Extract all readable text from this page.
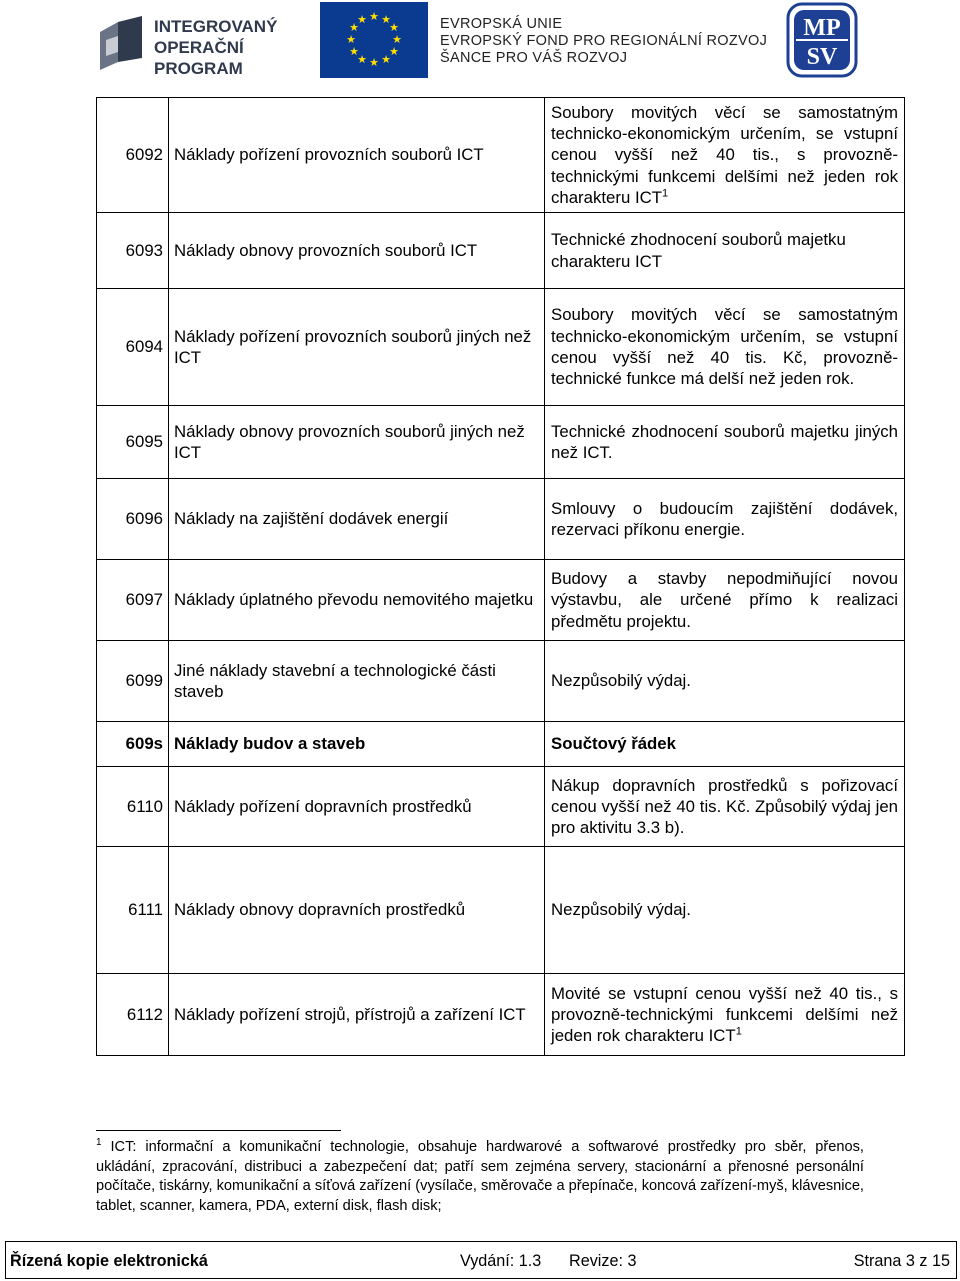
INTEGROVANÝ
OPERAČNÍ
PROGRAM
★ ★
★
★
★
★
★
★
★
★
★
★	EVROPSKÁ UNIE
EVROPSKÝ FOND PRO REGIONÁLNÍ ROZVOJ
ŠANCE PRO VÁŠ ROZVOJ
MP
SV
6092	Náklady pořízení provozních souborů ICT	Soubory movitých věcí se samostatným technicko-ekonomickým určením, se vstupní cenou vyšší než 40 tis., s provozně-technickými funkcemi delšími než jeden rok charakteru ICT$^1$
6093	Náklady obnovy provozních souborů ICT	Technické zhodnocení souborů majetku charakteru ICT
6094	Náklady pořízení provozních souborů jiných než ICT	Soubory movitých věcí se samostatným technicko-ekonomickým určením, se vstupní cenou vyšší než 40 tis. Kč, provozně-technické funkce má delší než jeden rok.
6095	Náklady obnovy provozních souborů jiných než ICT	Technické zhodnocení souborů majetku jiných než ICT.
6096	Náklady na zajištění dodávek energií	Smlouvy o budoucím zajištění dodávek, rezervaci příkonu energie.
6097	Náklady úplatného převodu nemovitého majetku	Budovy a stavby nepodmiňující novou výstavbu, ale určené přímo k realizaci předmětu projektu.
6099	Jiné náklady stavební a technologické části staveb	Nezpůsobilý výdaj.
609s	Náklady budov a staveb	Součtový řádek
6110	Náklady pořízení dopravních prostředků	Nákup dopravních prostředků s pořizovací cenou vyšší než 40 tis. Kč. Způsobilý výdaj jen pro aktivitu 3.3 b).
6111	Náklady obnovy dopravních prostředků	Nezpůsobilý výdaj.
6112	Náklady pořízení strojů, přístrojů a zařízení ICT	Movité se vstupní cenou vyšší než 40 tis., s provozně-technickými funkcemi delšími než jeden rok charakteru ICT$^1$
$^1$ ICT: informační a komunikační technologie, obsahuje hardwarové a softwarové prostředky pro sběr, přenos, ukládání, zpracování, distribuci a zabezpečení dat; patří sem zejména servery, stacionární a přenosné personální počítače, tiskárny, komunikační a síťová zařízení (vysílače, směrovače a přepínače, koncová zařízení-myš, klávesnice, tablet, scanner, kamera, PDA, externí disk, flash disk;
Řízená kopie elektronická	Vydání: 1.3 Revize: 3	Strana 3 z 15
